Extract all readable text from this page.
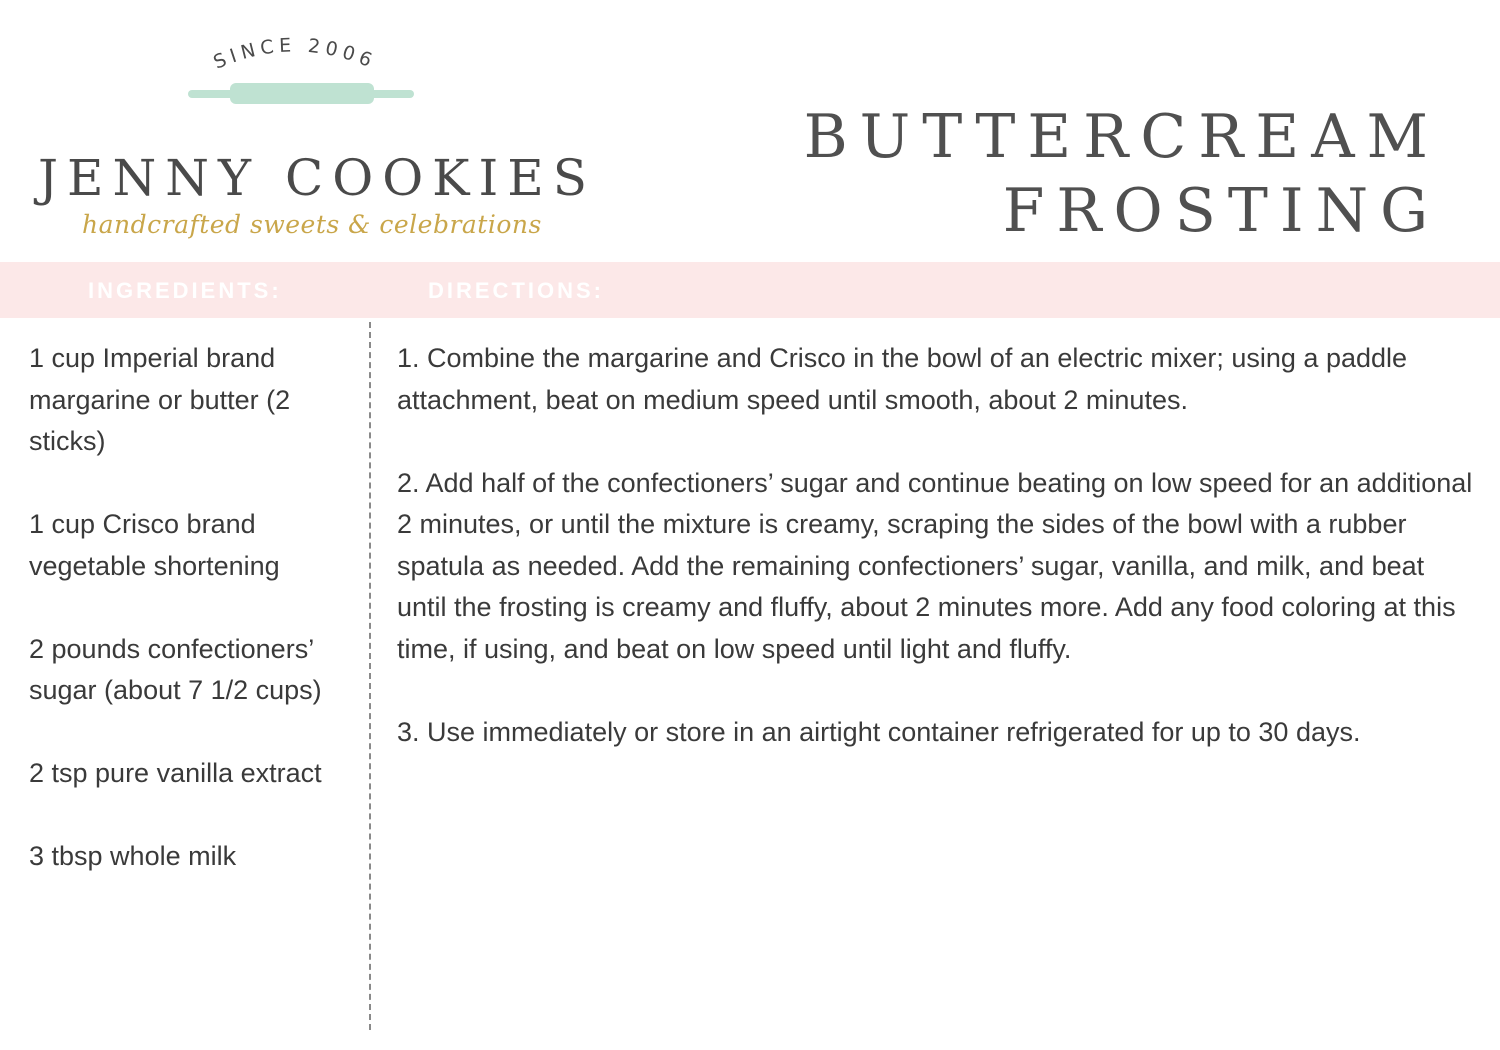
SINCE 2006
JENNY COOKIES
handcrafted sweets & celebrations
BUTTERCREAM
FROSTING
INGREDIENTS:	DIRECTIONS:
1 cup Imperial brand margarine or butter (2 sticks)
1 cup Crisco brand vegetable shortening
2 pounds confectioners’ sugar (about 7 1/2 cups)
2 tsp pure vanilla extract
3 tbsp whole milk
1. Combine the margarine and Crisco in the bowl of an electric mixer; using a paddle attachment, beat on medium speed until smooth, about 2 minutes.
2. Add half of the confectioners’ sugar and continue beating on low speed for an additional 2 minutes, or until the mixture is creamy, scraping the sides of the bowl with a rubber spatula as needed. Add the remaining confectioners’ sugar, vanilla, and milk, and beat until the frosting is creamy and fluffy, about 2 minutes more. Add any food coloring at this time, if using, and beat on low speed until light and fluffy.
3. Use immediately or store in an airtight container refrigerated for up to 30 days.
